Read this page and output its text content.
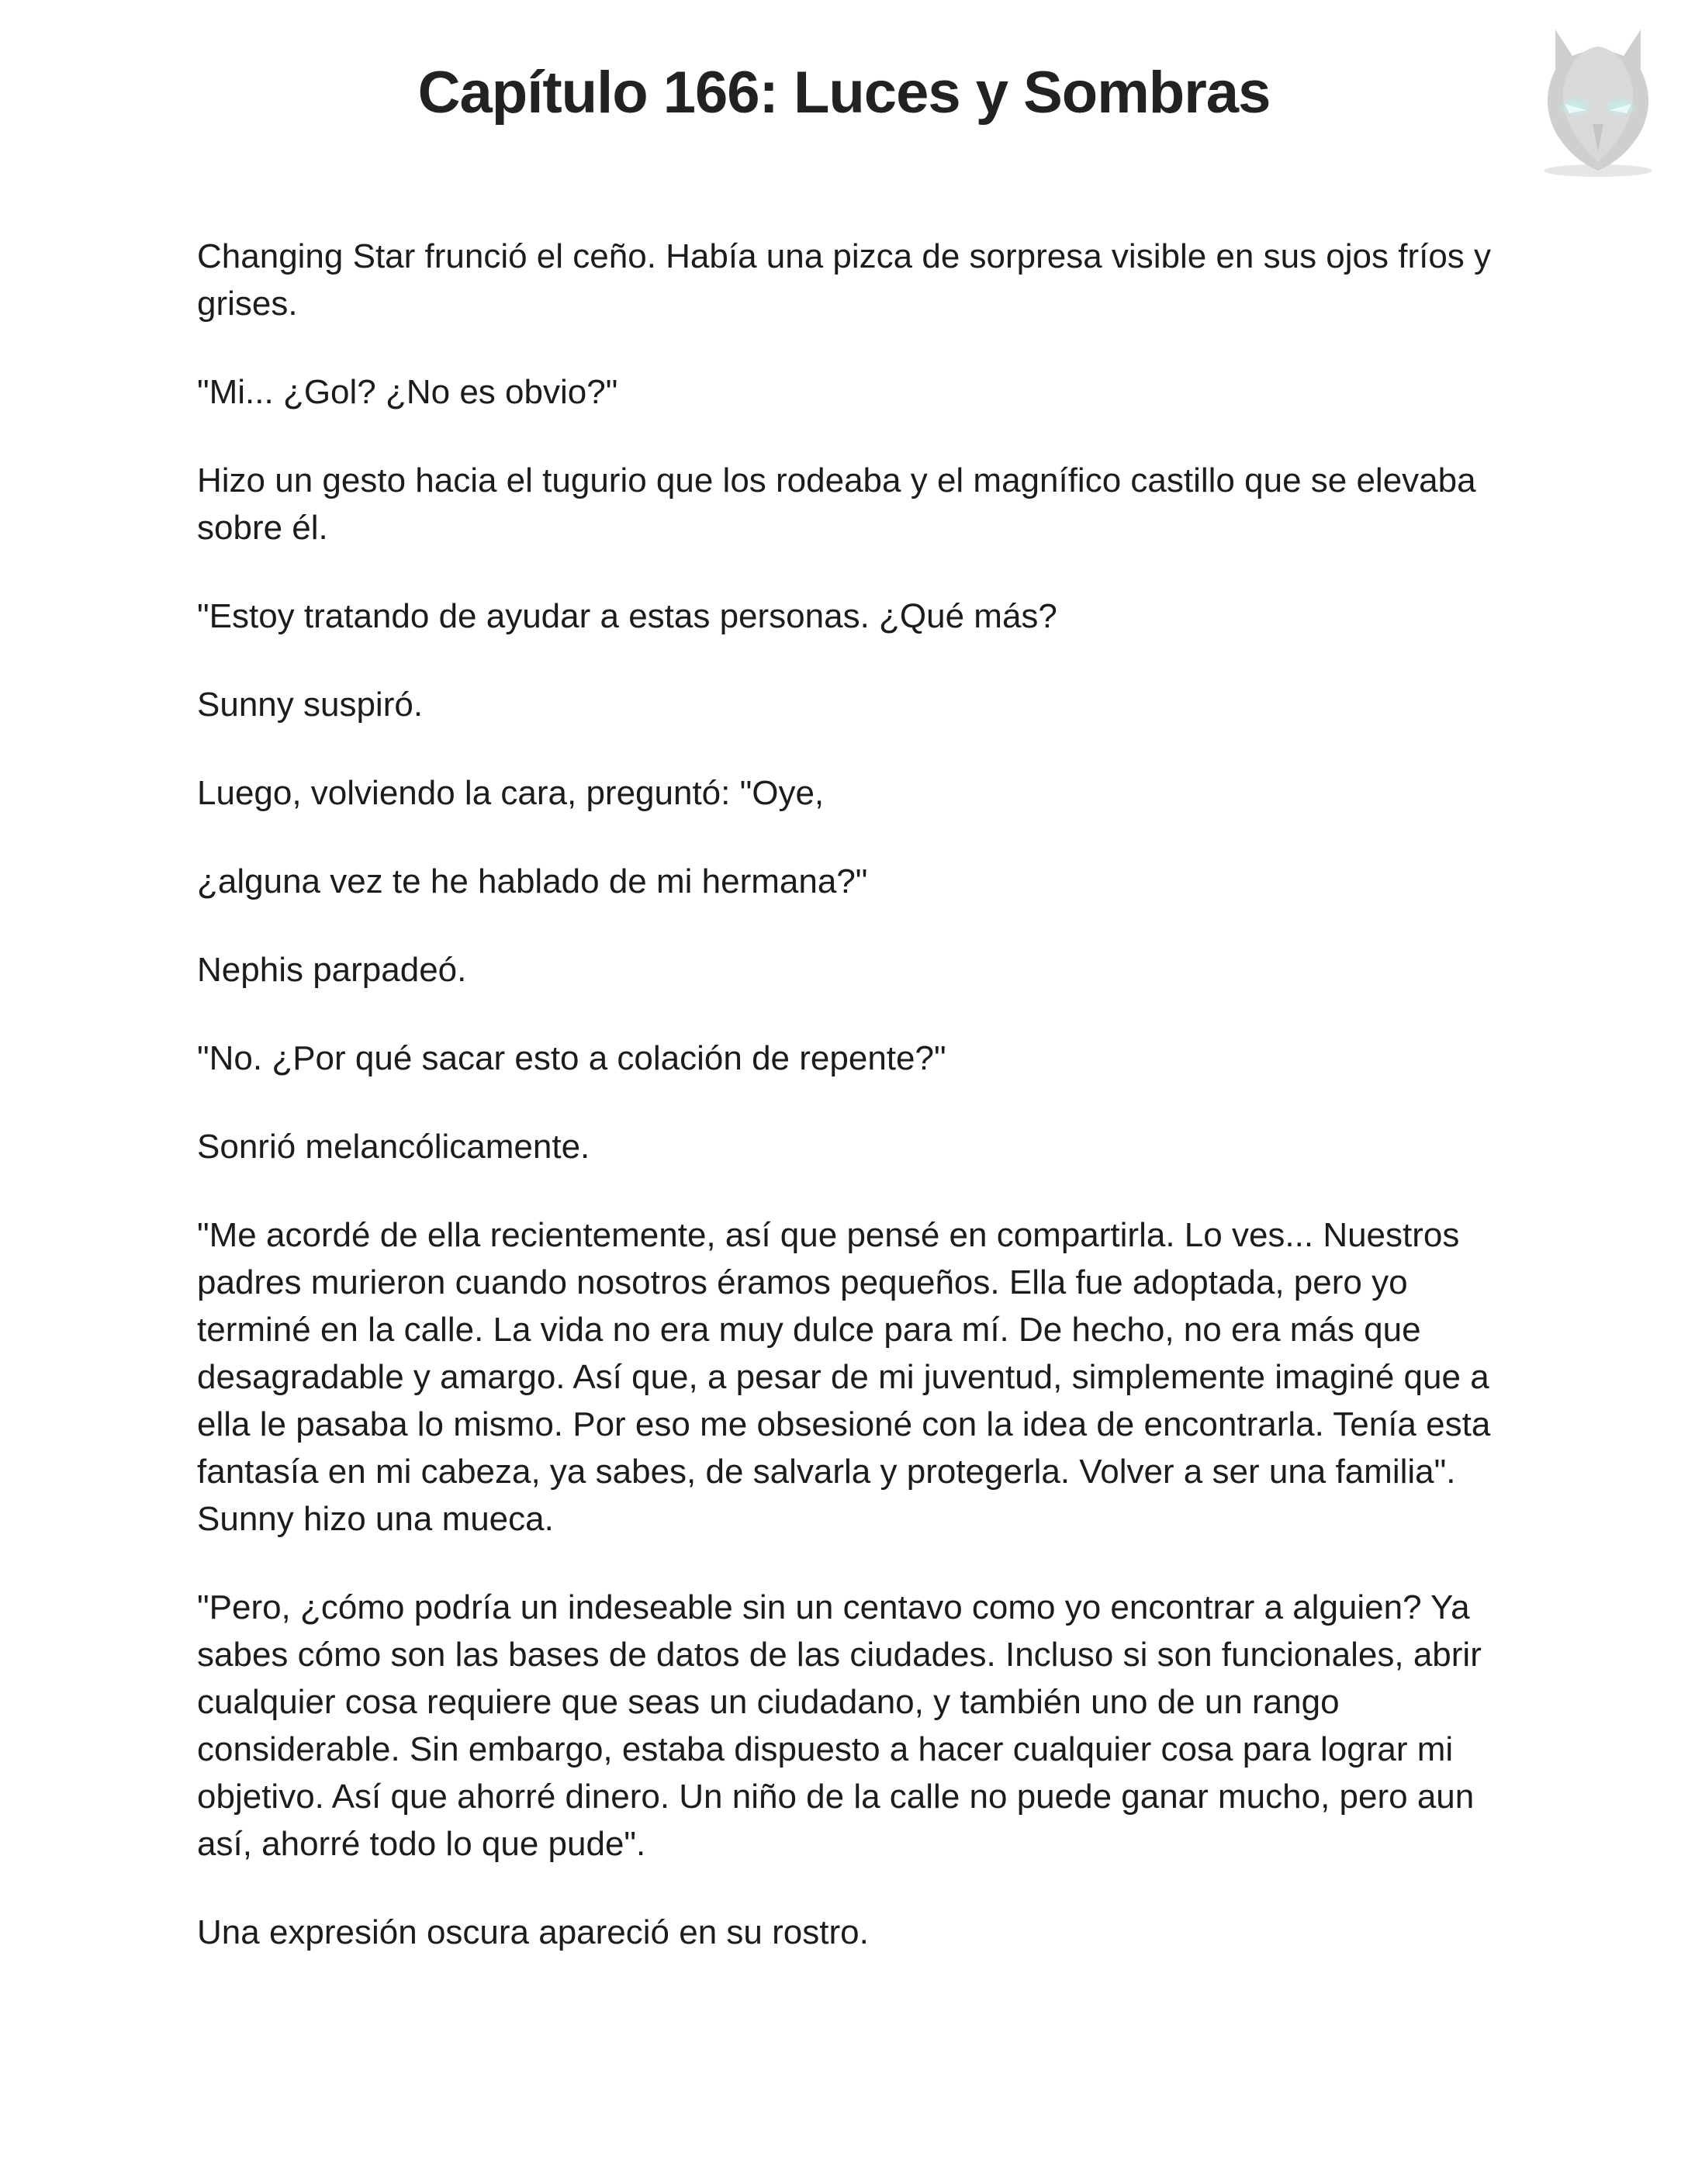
Capítulo 166: Luces y Sombras

Changing Star frunció el ceño. Había una pizca de sorpresa visible en sus ojos fríos y grises.

"Mi... ¿Gol? ¿No es obvio?"

Hizo un gesto hacia el tugurio que los rodeaba y el magnífico castillo que se elevaba sobre él.

"Estoy tratando de ayudar a estas personas. ¿Qué más?

Sunny suspiró.

Luego, volviendo la cara, preguntó: "Oye,

¿alguna vez te he hablado de mi hermana?"

Nephis parpadeó.

"No. ¿Por qué sacar esto a colación de repente?"

Sonrió melancólicamente.

"Me acordé de ella recientemente, así que pensé en compartirla. Lo ves... Nuestros padres murieron cuando nosotros éramos pequeños. Ella fue adoptada, pero yo terminé en la calle. La vida no era muy dulce para mí. De hecho, no era más que desagradable y amargo. Así que, a pesar de mi juventud, simplemente imaginé que a ella le pasaba lo mismo. Por eso me obsesioné con la idea de encontrarla. Tenía esta fantasía en mi cabeza, ya sabes, de salvarla y protegerla. Volver a ser una familia". Sunny hizo una mueca.

"Pero, ¿cómo podría un indeseable sin un centavo como yo encontrar a alguien? Ya sabes cómo son las bases de datos de las ciudades. Incluso si son funcionales, abrir cualquier cosa requiere que seas un ciudadano, y también uno de un rango considerable. Sin embargo, estaba dispuesto a hacer cualquier cosa para lograr mi objetivo. Así que ahorré dinero. Un niño de la calle no puede ganar mucho, pero aun así, ahorré todo lo que pude".

Una expresión oscura apareció en su rostro.
